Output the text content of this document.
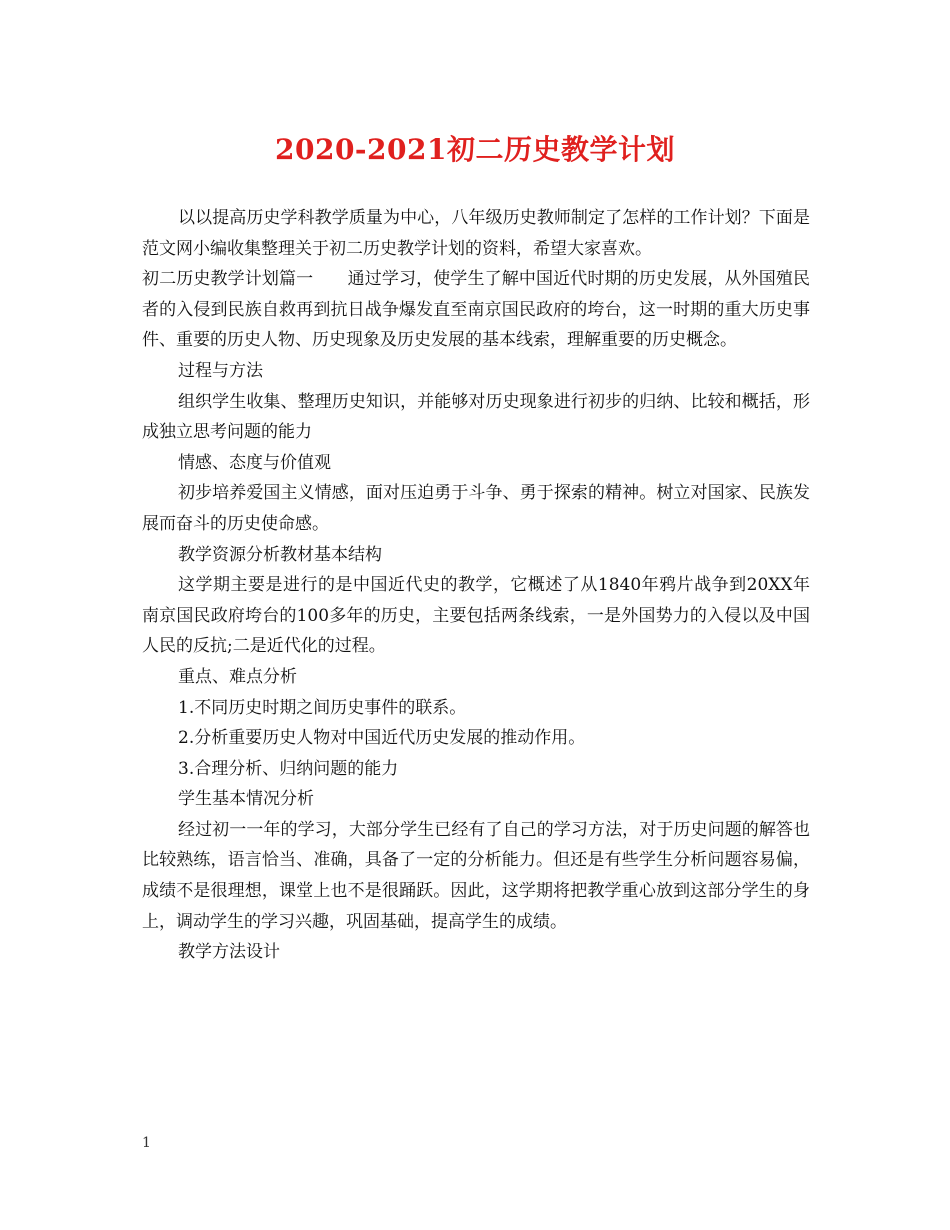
2020-2021初二历史教学计划

以以提高历史学科教学质量为中心，八年级历史教师制定了怎样的工作计划？下面是范文网小编收集整理关于初二历史教学计划的资料，希望大家喜欢。

初二历史教学计划篇一　　通过学习，使学生了解中国近代时期的历史发展，从外国殖民者的入侵到民族自救再到抗日战争爆发直至南京国民政府的垮台，这一时期的重大历史事件、重要的历史人物、历史现象及历史发展的基本线索，理解重要的历史概念。

过程与方法

组织学生收集、整理历史知识，并能够对历史现象进行初步的归纳、比较和概括，形成独立思考问题的能力

情感、态度与价值观

初步培养爱国主义情感，面对压迫勇于斗争、勇于探索的精神。树立对国家、民族发展而奋斗的历史使命感。

教学资源分析教材基本结构

这学期主要是进行的是中国近代史的教学，它概述了从1840年鸦片战争到20XX年南京国民政府垮台的100多年的历史，主要包括两条线索，一是外国势力的入侵以及中国人民的反抗;二是近代化的过程。

重点、难点分析

1.不同历史时期之间历史事件的联系。

2.分析重要历史人物对中国近代历史发展的推动作用。

3.合理分析、归纳问题的能力

学生基本情况分析

经过初一一年的学习，大部分学生已经有了自己的学习方法，对于历史问题的解答也比较熟练，语言恰当、准确，具备了一定的分析能力。但还是有些学生分析问题容易偏，成绩不是很理想，课堂上也不是很踊跃。因此，这学期将把教学重心放到这部分学生的身上，调动学生的学习兴趣，巩固基础，提高学生的成绩。

教学方法设计

1
